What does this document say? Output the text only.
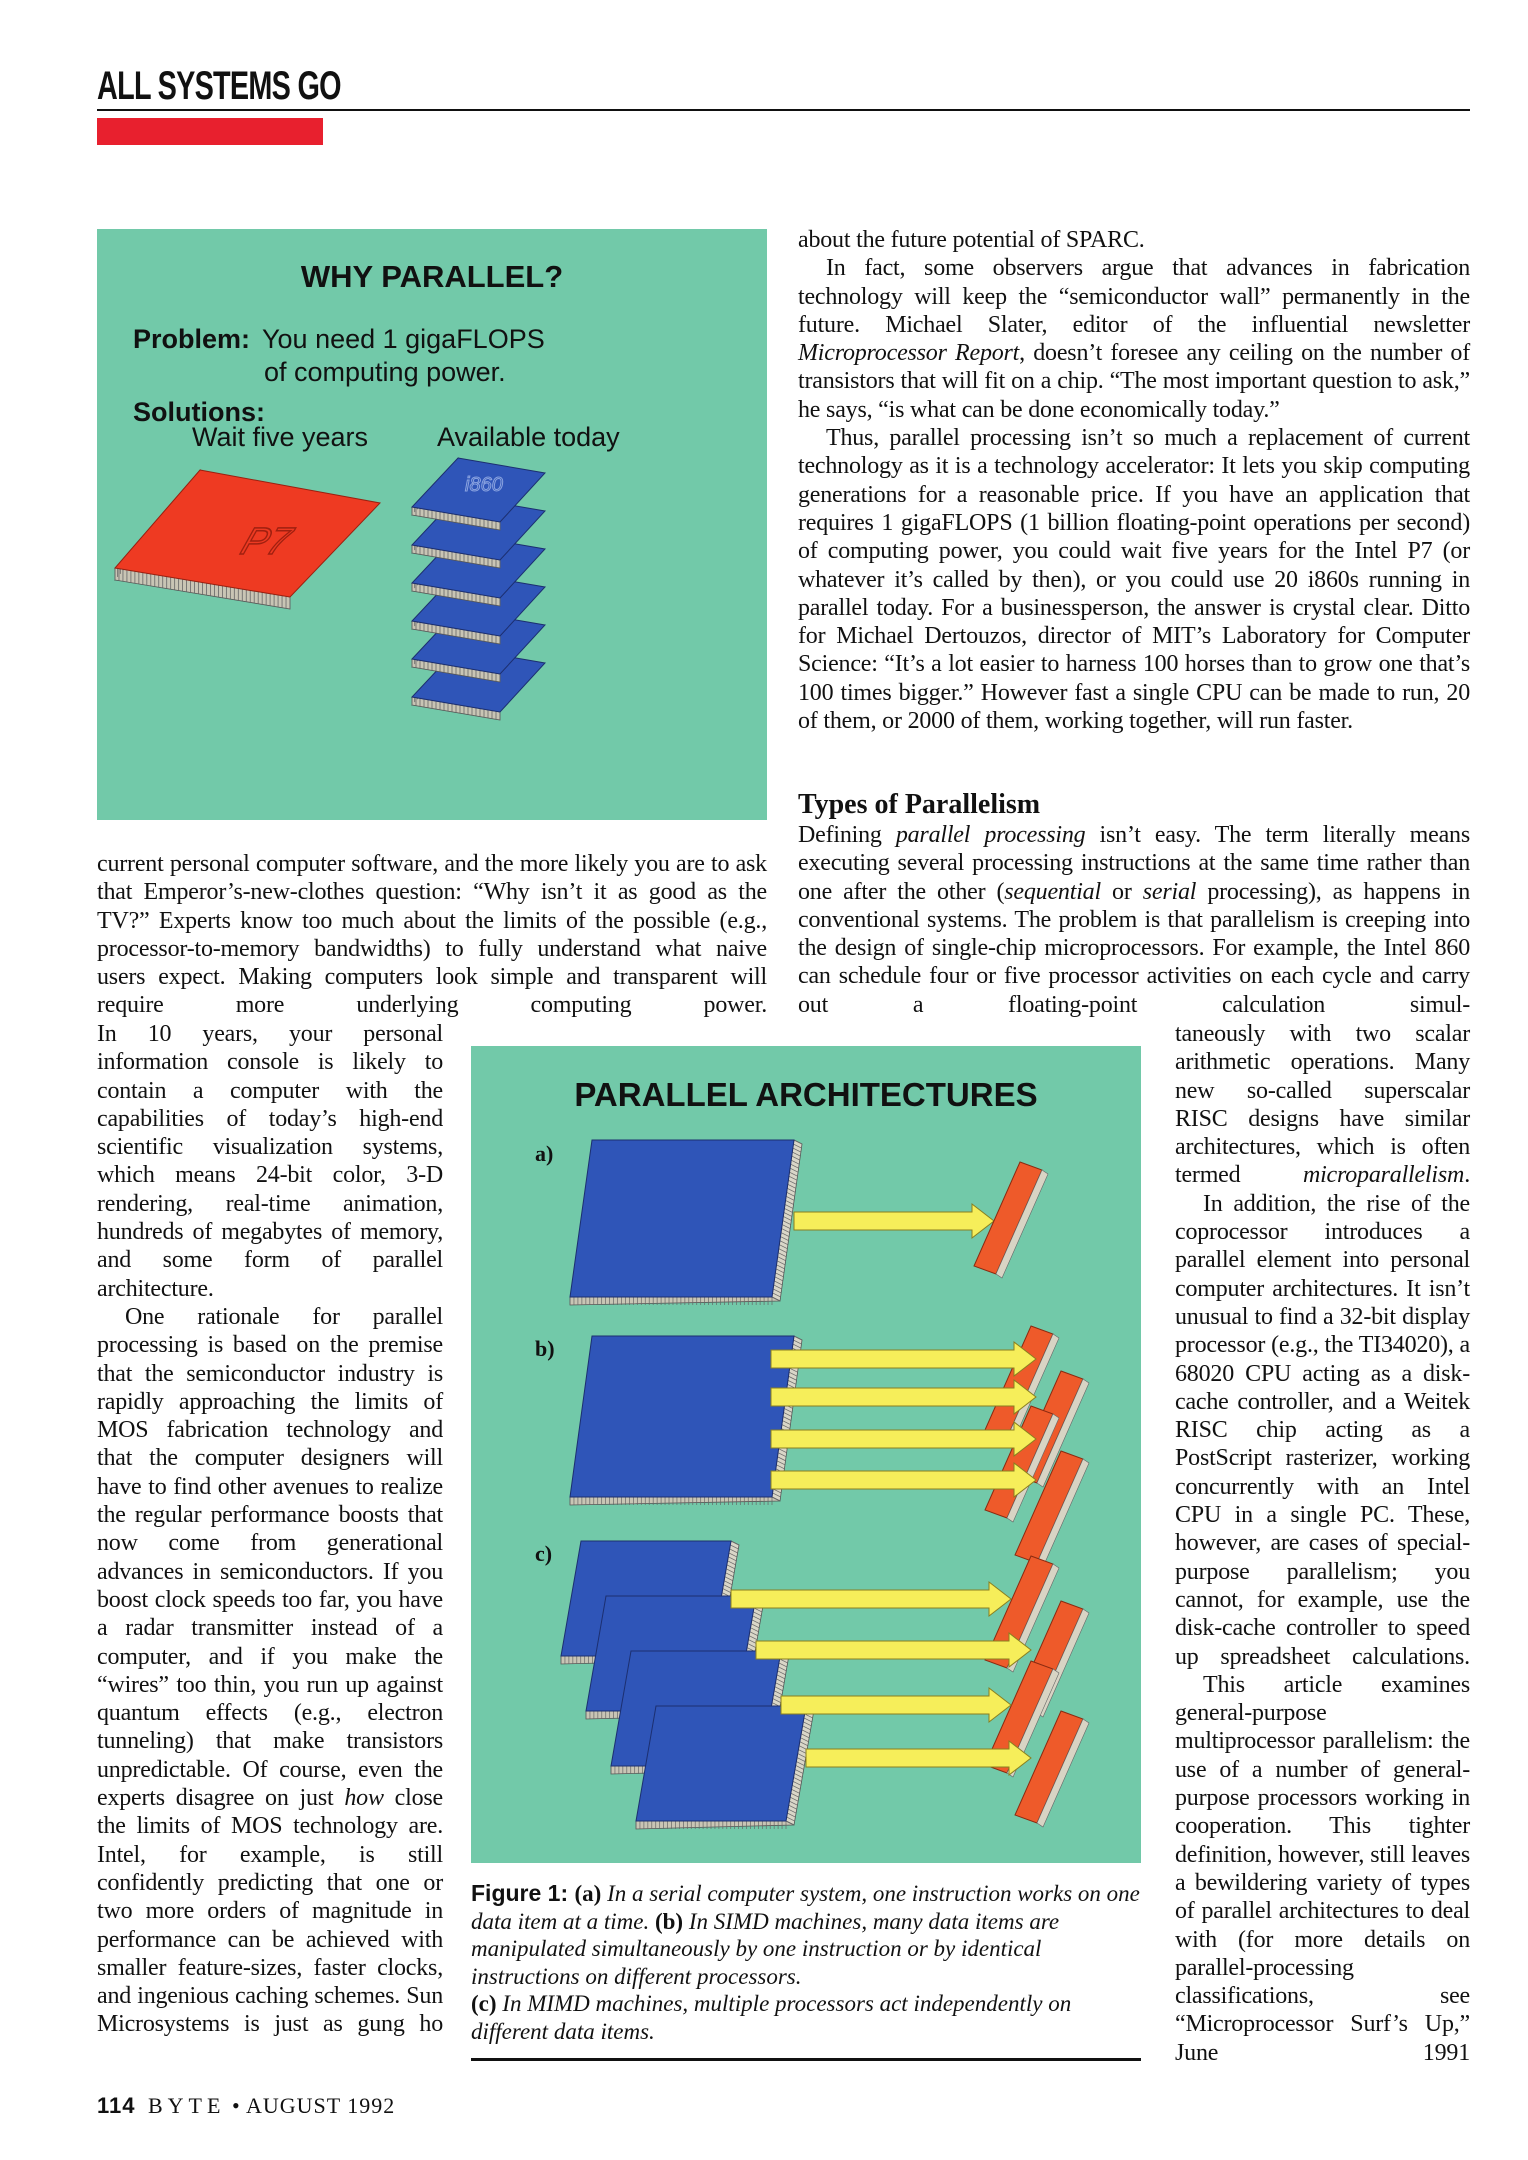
ALL SYSTEMS GO
P7
i860
WHY PARALLEL?
Problem: You need 1 gigaFLOPS
of computing power.
Solutions:
Wait five years	Available today

about the future potential of SPARC.

In fact, some observers argue that advances in fabrication technology will keep the “semiconductor wall” permanently in the future. Michael Slater, editor of the influential newsletter Microprocessor Report, doesn’t foresee any ceiling on the number of transistors that will fit on a chip. “The most important question to ask,” he says, “is what can be done economically today.”

Thus, parallel processing isn’t so much a replacement of current technology as it is a technology accelerator: It lets you skip computing generations for a reasonable price. If you have an application that requires 1 gigaFLOPS (1 billion floating-point operations per second) of computing power, you could wait five years for the Intel P7 (or whatever it’s called by then), or you could use 20 i860s running in parallel today. For a businessperson, the answer is crystal clear. Ditto for Michael Dertouzos, director of MIT’s Laboratory for Computer Science: “It’s a lot easier to harness 100 horses than to grow one that’s 100 times bigger.” However fast a single CPU can be made to run, 20 of them, or 2000 of them, working together, will run faster.

Types of Parallelism

Defining parallel processing isn’t easy. The term literally means executing several processing instructions at the same time rather than one after the other (sequential or serial processing), as happens in conventional systems. The problem is that parallelism is creeping into the design of single-chip microprocessors. For example, the Intel 860 can schedule four or five processor activities on each cycle and carry out a floating-point calculation simul-

current personal computer software, and the more likely you are to ask that Emperor’s-new-clothes question: “Why isn’t it as good as the TV?” Experts know too much about the limits of the possible (e.g., processor-to-memory bandwidths) to fully understand what naive users expect. Making computers look simple and transparent will require more underlying computing power.

In 10 years, your personal information console is likely to contain a computer with the capabilities of today’s high-end scientific visualization systems, which means 24-bit color, 3-D rendering, real-time animation, hundreds of megabytes of memory, and some form of parallel architecture.

One rationale for parallel processing is based on the premise that the semiconductor industry is rapidly approaching the limits of MOS fabrication technology and that the computer designers will have to find other avenues to realize the regular performance boosts that now come from generational advances in semiconductors. If you boost clock speeds too far, you have a radar transmitter instead of a computer, and if you make the “wires” too thin, you run up against quantum effects (e.g., electron tunneling) that make transistors unpredictable. Of course, even the experts disagree on just how close the limits of MOS technology are. Intel, for example, is still confidently predicting that one or two more orders of magnitude in performance can be achieved with smaller feature-sizes, faster clocks, and ingenious caching schemes. Sun Microsystems is just as gung ho

taneously with two scalar arithmetic operations. Many new so-called superscalar RISC designs have similar architectures, which is often termed microparallelism.

In addition, the rise of the coprocessor introduces a parallel element into personal computer architectures. It isn’t unusual to find a 32-bit display processor (e.g., the TI34020), a 68020 CPU acting as a disk-cache controller, and a Weitek RISC chip acting as a PostScript rasterizer, working concurrently with an Intel CPU in a single PC. These, however, are cases of special-purpose parallelism; you cannot, for example, use the disk-cache controller to speed up spreadsheet calculations.

This article examines general-purpose multiprocessor parallelism: the use of a number of general-purpose processors working in cooperation. This tighter definition, however, still leaves a bewildering variety of types of parallel architectures to deal with (for more details on parallel-processing classifications, see “Microprocessor Surf’s Up,” June 1991

PARALLEL ARCHITECTURES
a)
b)
c)
Figure 1: (a) In a serial computer system, one instruction works on one data item at a time. (b) In SIMD machines, many data items are manipulated simultaneously by one instruction or by identical instructions on different processors.
(c) In MIMD machines, multiple processors act independently on different data items.
114 BYTE • AUGUST 1992
